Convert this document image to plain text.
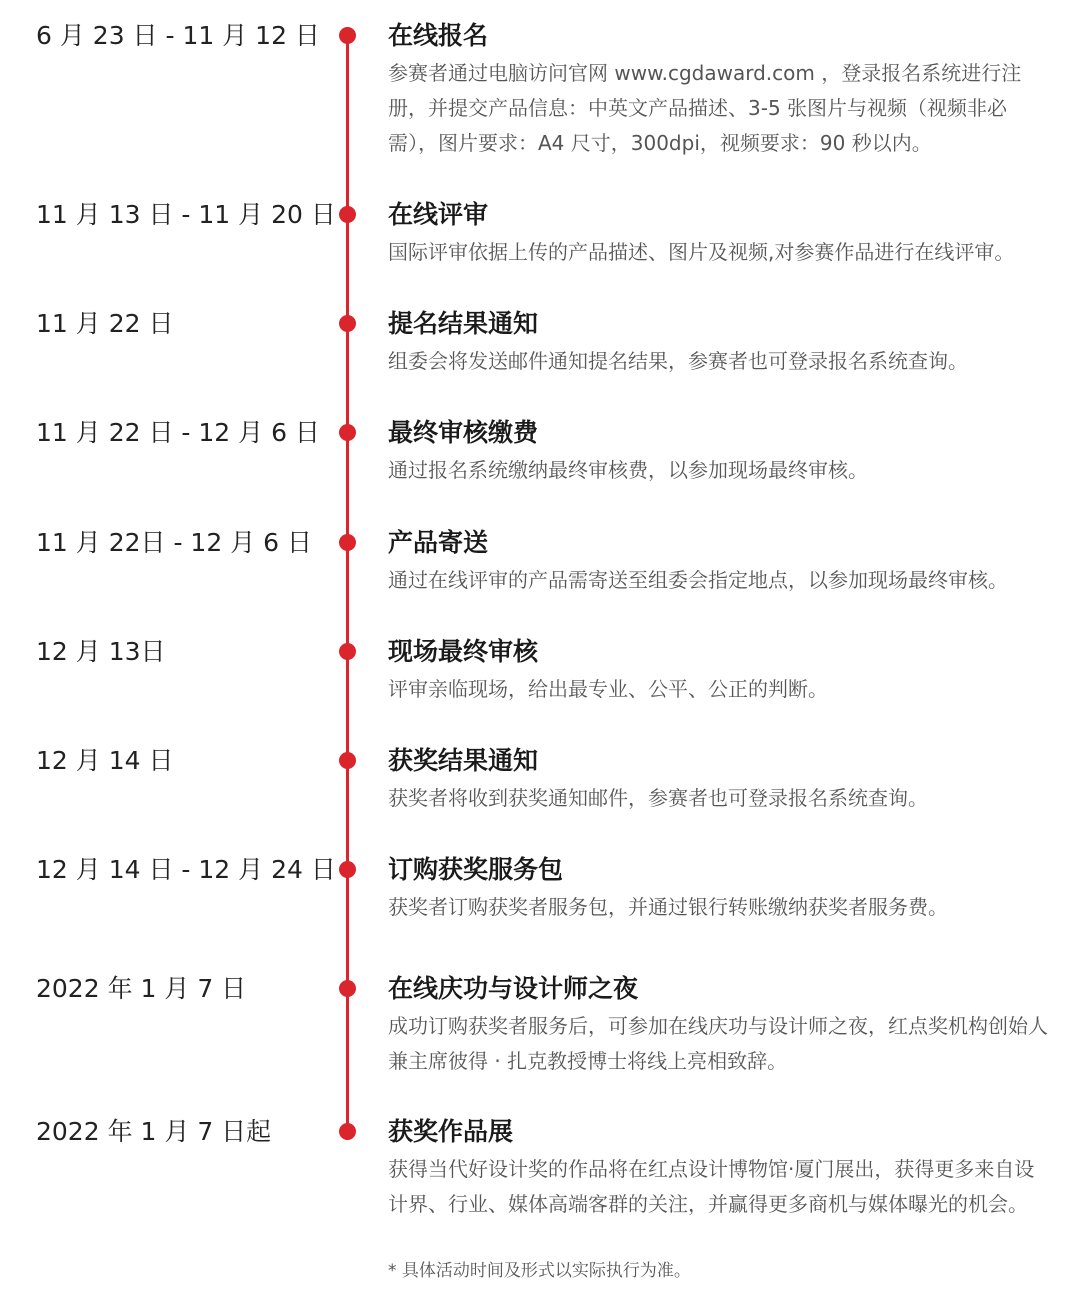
6 月 23 日 - 11 月 12 日	在线报名
参赛者通过电脑访问官网 www.cgdaward.com ，登录报名系统进行注册，并提交产品信息：中英文产品描述、3-5 张图片与视频（视频非必需），图片要求：A4 尺寸，300dpi，视频要求：90 秒以内。
11 月 13 日 - 11 月 20 日 在线评审
国际评审依据上传的产品描述、图片及视频,对参赛作品进行在线评审。
11 月 22 日	提名结果通知
组委会将发送邮件通知提名结果，参赛者也可登录报名系统查询。
11 月 22 日 - 12 月 6 日	最终审核缴费
通过报名系统缴纳最终审核费，以参加现场最终审核。
11 月 22日 - 12 月 6 日	产品寄送
通过在线评审的产品需寄送至组委会指定地点，以参加现场最终审核。
12 月 13日	现场最终审核
评审亲临现场，给出最专业、公平、公正的判断。
12 月 14 日	获奖结果通知
获奖者将收到获奖通知邮件，参赛者也可登录报名系统查询。
12 月 14 日 - 12 月 24 日 订购获奖服务包
获奖者订购获奖者服务包，并通过银行转账缴纳获奖者服务费。
2022 年 1 月 7 日	在线庆功与设计师之夜
成功订购获奖者服务后，可参加在线庆功与设计师之夜，红点奖机构创始人兼主席彼得 · 扎克教授博士将线上亮相致辞。
2022 年 1 月 7 日起	获奖作品展
获得当代好设计奖的作品将在红点设计博物馆·厦门展出，获得更多来自设计界、行业、媒体高端客群的关注，并赢得更多商机与媒体曝光的机会。
* 具体活动时间及形式以实际执行为准。
